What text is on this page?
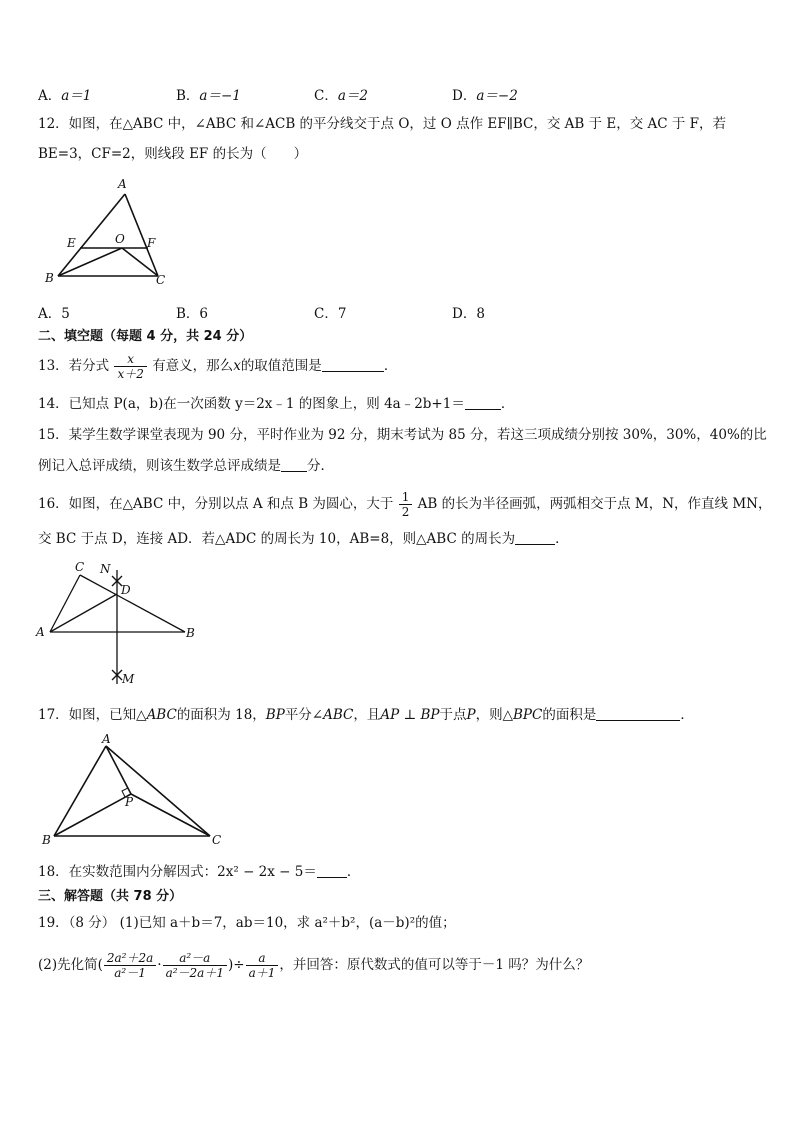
A．a＝1	B．a＝−1	C．a＝2	D．a＝−2
12．如图，在△ABC 中，∠ABC 和∠ACB 的平分线交于点 O，过 O 点作 EF∥BC，交 AB 于 E，交 AC 于 F，若
BE=3，CF=2，则线段 EF 的长为（　　）
A
E	O F
B	C
A．5	B．6	C．7	D．8
二、填空题（每题 4 分，共 24 分）
13．若分式 $\frac{x}{x+2}$ 有意义，那么x的取值范围是	．
14．已知点 P(a，b)在一次函数 y＝2x﹣1 的图象上，则 4a﹣2b+1＝	．
15．某学生数学课堂表现为 90 分，平时作业为 92 分，期末考试为 85 分，若这三项成绩分别按 30%，30%，40%的比
例记入总评成绩，则该生数学总评成绩是 分．
16．如图，在△ABC 中，分别以点 A 和点 B 为圆心，大于 $\frac{1}{2}$ AB 的长为半径画弧，两弧相交于点 M，N，作直线 MN，
交 BC 于点 D，连接 AD．若△ADC 的周长为 10，AB=8，则△ABC 的周长为	．
C N
D
A	B
M
17．如图，已知△ABC的面积为 18，BP平分∠ABC，且AP ⊥ BP于点P，则△BPC的面积是	．
A
P
B	C
18．在实数范围内分解因式：2x² − 2x − 5＝ ．
三、解答题（共 78 分）
19．（8 分） (1)已知 a＋b＝7，ab＝10，求 a²＋b²，(a－b)²的值；
(2)先化简( $\frac{\text{2a²＋2a}}{\text{a²－1}} \cdot \frac{\text{a²－a}}{\text{a²－2a＋1}}$ )÷ $\frac{a}{a+1}$ ，并回答：原代数式的值可以等于－1 吗？为什么？
